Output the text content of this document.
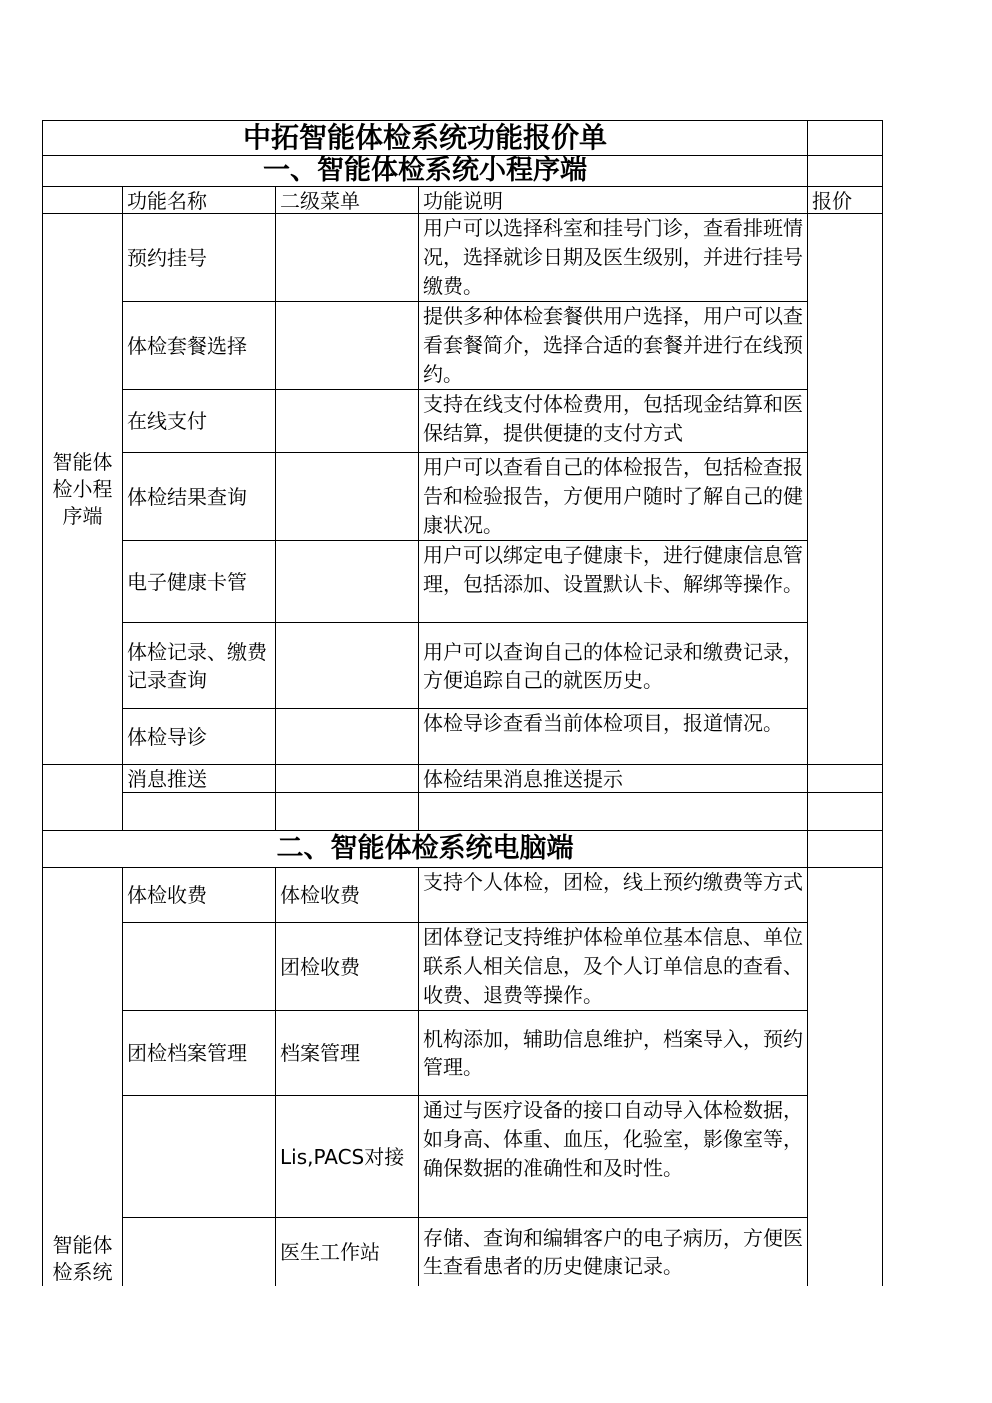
中拓智能体检系统功能报价单				
一、智能体检系统小程序端				
	功能名称	二级菜单	功能说明	报价
智能体检小程序端	预约挂号		用户可以选择科室和挂号门诊，查看排班情况，选择就诊日期及医生级别，并进行挂号缴费。	
	体检套餐选择		提供多种体检套餐供用户选择，用户可以查看套餐简介，选择合适的套餐并进行在线预约。	
	在线支付		支持在线支付体检费用，包括现金结算和医保结算，提供便捷的支付方式	
	体检结果查询		用户可以查看自己的体检报告，包括检查报告和检验报告，方便用户随时了解自己的健康状况。	
	电子健康卡管		用户可以绑定电子健康卡，进行健康信息管理，包括添加、设置默认卡、解绑等操作。	
	体检记录、缴费记录查询		用户可以查询自己的体检记录和缴费记录，方便追踪自己的就医历史。	
	体检导诊		体检导诊查看当前体检项目，报道情况。	
	消息推送		体检结果消息推送提示	

二、智能体检系统电脑端				
智能体检系统	体检收费	体检收费	支持个人体检，团检，线上预约缴费等方式	
		团检收费	团体登记支持维护体检单位基本信息、单位联系人相关信息，及个人订单信息的查看、收费、退费等操作。	
	团检档案管理	档案管理	机构添加，辅助信息维护，档案导入，预约管理。	
		Lis,PACS对接	通过与医疗设备的接口自动导入体检数据，如身高、体重、血压，化验室，影像室等，确保数据的准确性和及时性。	
		医生工作站	存储、查询和编辑客户的电子病历，方便医生查看患者的历史健康记录。	
